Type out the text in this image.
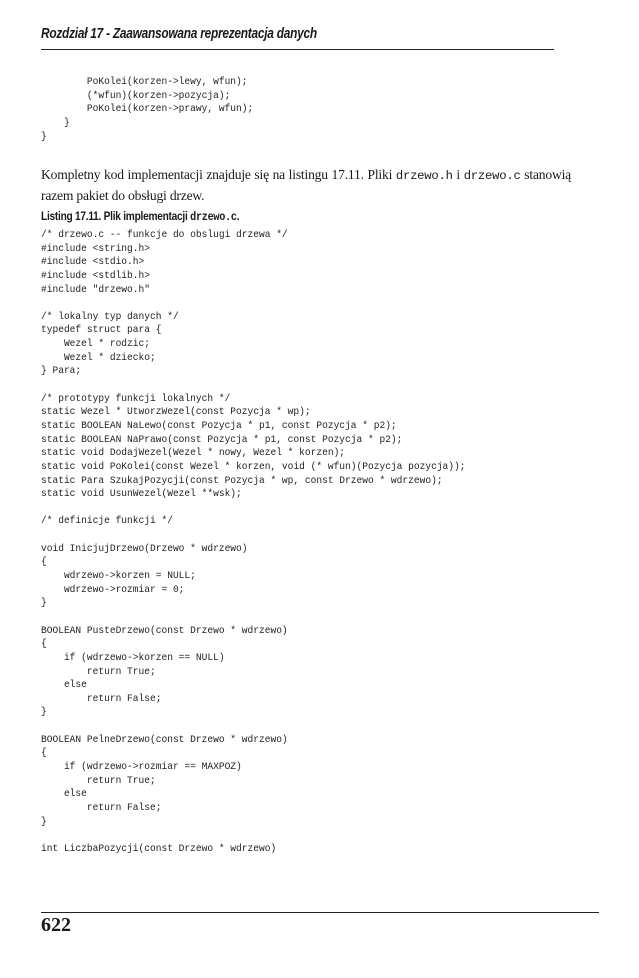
Rozdział 17 - Zaawansowana reprezentacja danych
PoKolei(korzen->lewy, wfun);
(*wfun)(korzen->pozycja);
PoKolei(korzen->prawy, wfun);
}
}
Kompletny kod implementacji znajduje się na listingu 17.11. Pliki drzewo.h i drzewo.c stanowią razem pakiet do obsługi drzew.
Listing 17.11. Plik implementacji drzewo.c.
/* drzewo.c -- funkcje do obslugi drzewa */
#include <string.h>
#include <stdio.h>
#include <stdlib.h>
#include "drzewo.h"

/* lokalny typ danych */
typedef struct para {
Wezel * rodzic;
Wezel * dziecko;
} Para;

/* prototypy funkcji lokalnych */
static Wezel * UtworzWezel(const Pozycja * wp);
static BOOLEAN NaLewo(const Pozycja * p1, const Pozycja * p2);
static BOOLEAN NaPrawo(const Pozycja * p1, const Pozycja * p2);
static void DodajWezel(Wezel * nowy, Wezel * korzen);
static void PoKolei(const Wezel * korzen, void (* wfun)(Pozycja pozycja));
static Para SzukajPozycji(const Pozycja * wp, const Drzewo * wdrzewo);
static void UsunWezel(Wezel **wsk);

/* definicje funkcji */

void InicjujDrzewo(Drzewo * wdrzewo)
{
wdrzewo->korzen = NULL;
wdrzewo->rozmiar = 0;
}

BOOLEAN PusteDrzewo(const Drzewo * wdrzewo)
{
if (wdrzewo->korzen == NULL)
return True;
else
return False;
}

BOOLEAN PelneDrzewo(const Drzewo * wdrzewo)
{
if (wdrzewo->rozmiar == MAXPOZ)
return True;
else
return False;
}

int LiczbaPozycji(const Drzewo * wdrzewo)
622
